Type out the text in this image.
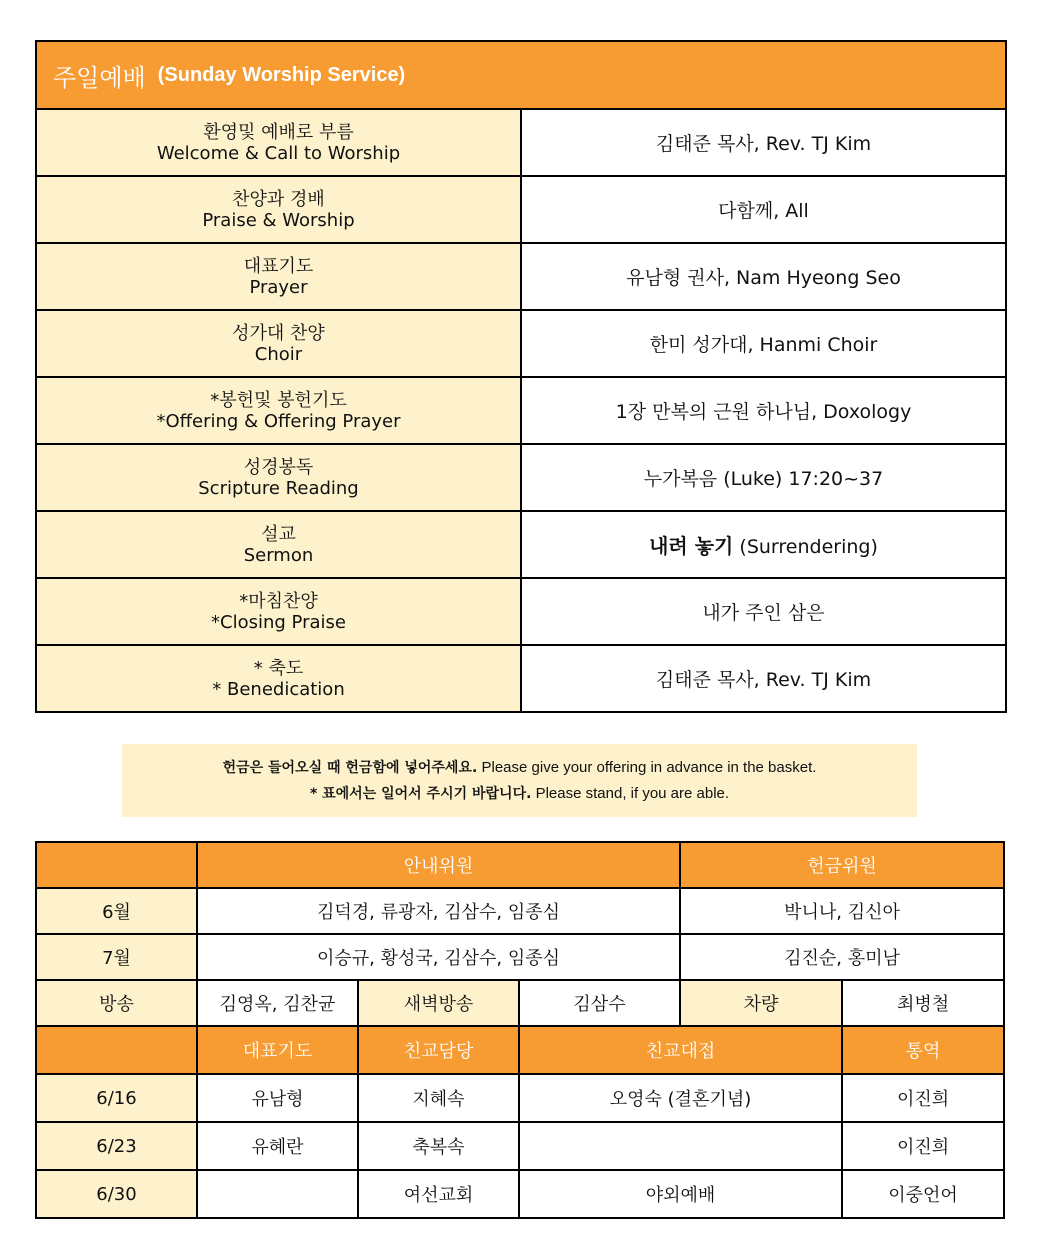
주일예배 (Sunday Worship Service)	

환영및 예배로 부름
Welcome & Call to Worship	김태준 목사, Rev. TJ Kim

찬양과 경배
Praise & Worship	다함께, All

대표기도
Prayer	유남형 권사, Nam Hyeong Seo

성가대 찬양
Choir	한미 성가대, Hanmi Choir

*봉헌및 봉헌기도
*Offering & Offering Prayer	1장 만복의 근원 하나님, Doxology

성경봉독
Scripture Reading	누가복음 (Luke) 17:20~37

설교
Sermon	내려 놓기 (Surrendering)

*마침찬양
*Closing Praise	내가 주인 삼은

* 축도
* Benedication	김태준 목사, Rev. TJ Kim
헌금은 들어오실 때 헌금함에 넣어주세요. Please give your offering in advance in the basket.
* 표에서는 일어서 주시기 바랍니다. Please stand, if you are able.
	안내위원			헌금위원	
6월	김덕경, 류광자, 김삼수, 임종심			박니나, 김신아	
7월	이승규, 황성국, 김삼수, 임종심			김진순, 홍미남	
방송	김영옥, 김찬균	새벽방송	김삼수	차량	최병철
	대표기도	친교담당	친교대접		통역
6/16	유남형	지혜속	오영숙 (결혼기념)		이진희
6/23	유혜란	축복속			이진희
6/30		여선교회	야외예배		이중언어
